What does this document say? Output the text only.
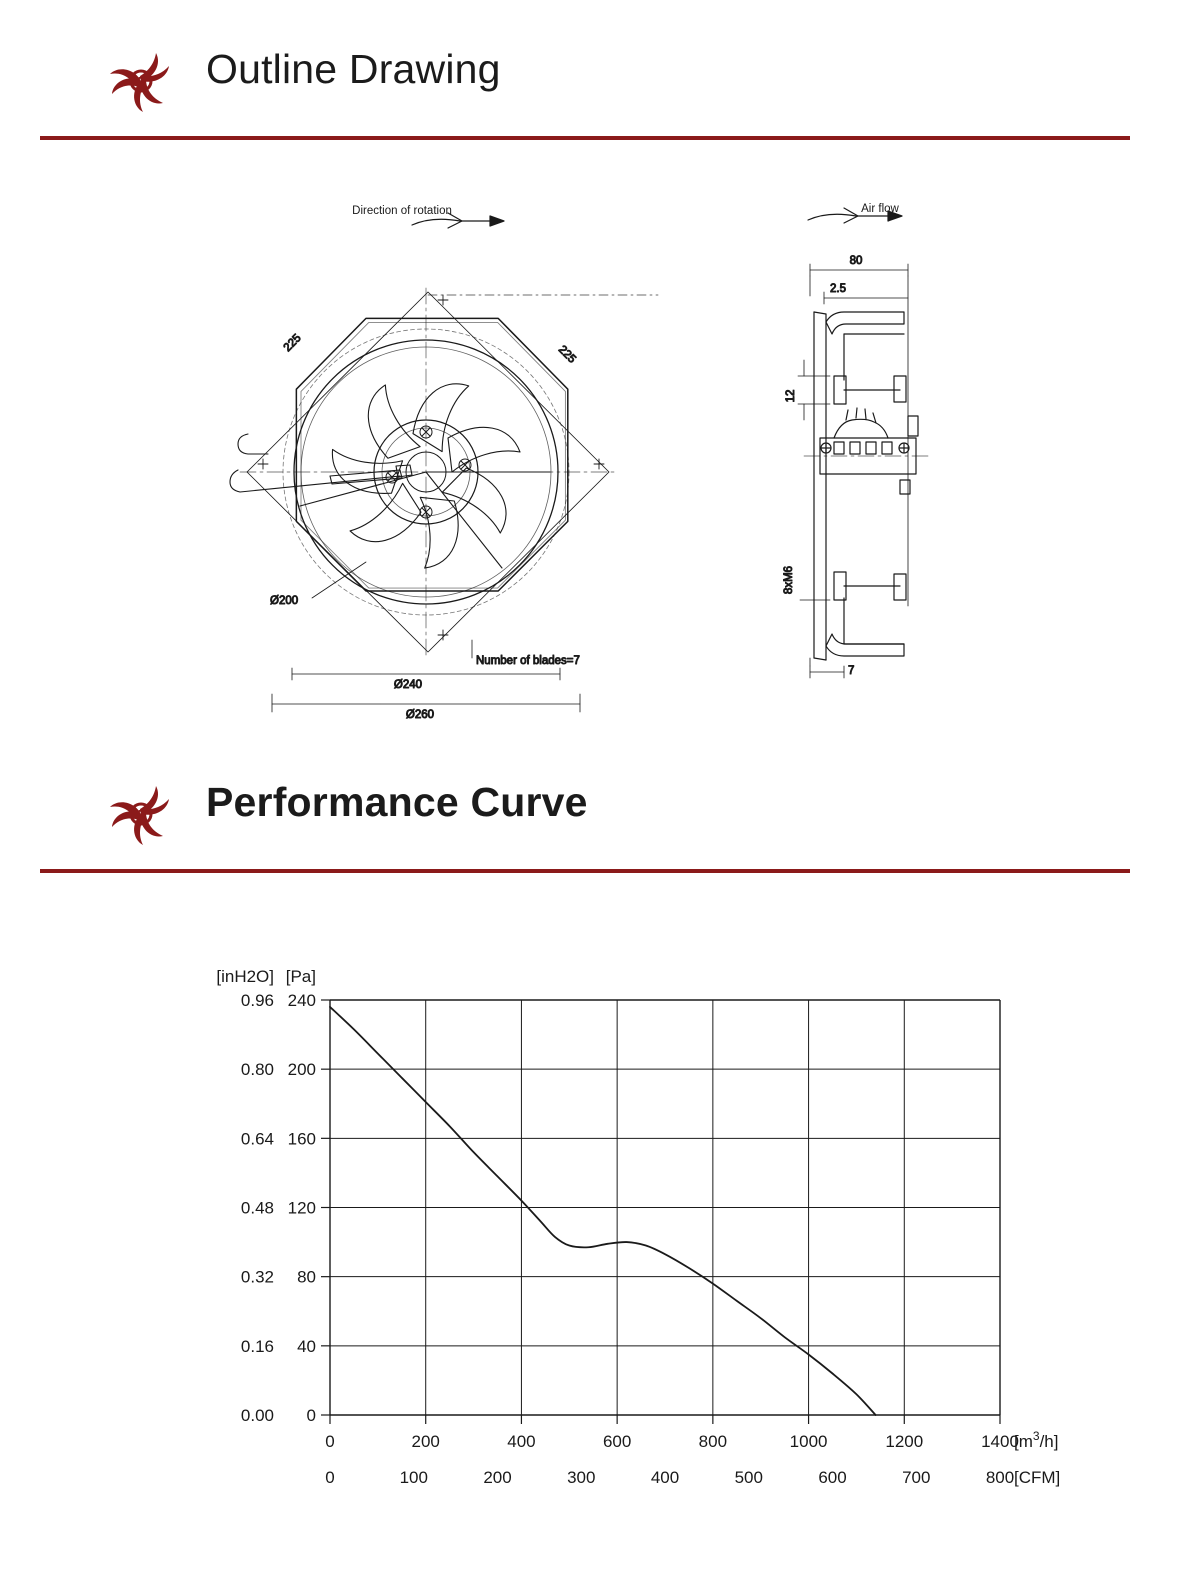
Outline Drawing
225
225
Ø200
Number of blades=7
Ø240
Ø260
80
2.5
12
8xM6
7
Direction of rotation	Air flow
Performance Curve
0
0.00
40
0.16
80
0.32
120
0.48
160
0.64
200
0.80
240
0.96
[Pa]
[inH2O]
0	200	400	600	800	1000	1200	1400
$[m^3/h]$
0	100	200	300	400	500	600	700	800 [CFM]
